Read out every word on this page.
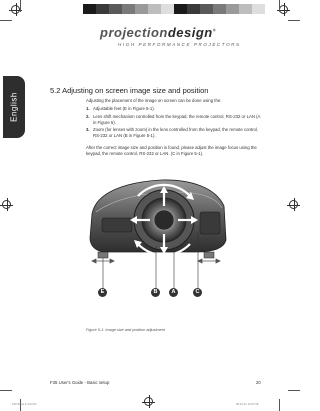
projectiondesign®
HIGH PERFORMANCE PROJECTORS
English
5.2 Adjusting on screen image size and position
Adjusting the placement of the image on screen can be done using the:
1. Adjustable feet (E in Figure 5-1).
2. Lens shift mechanism controlled from the keypad, the remote control, RS-232 or LAN (A
in Figure 5).
3. Zoom (for lenses with zoom) in the lens controlled from the keypad, the remote control,
RS-232 or LAN (B in Figure 5-1).
After the correct image size and position is found, please adjust the image focus using the
keypad, the remote control, RS-232 or LAN. (C in Figure 5-1).
E	B	A	C
Figure 5-1: Image size and position adjustment
F35 User's Guide - Basic setup	20
F35 Book 2.indd 20	08.10.11 13:07:08
